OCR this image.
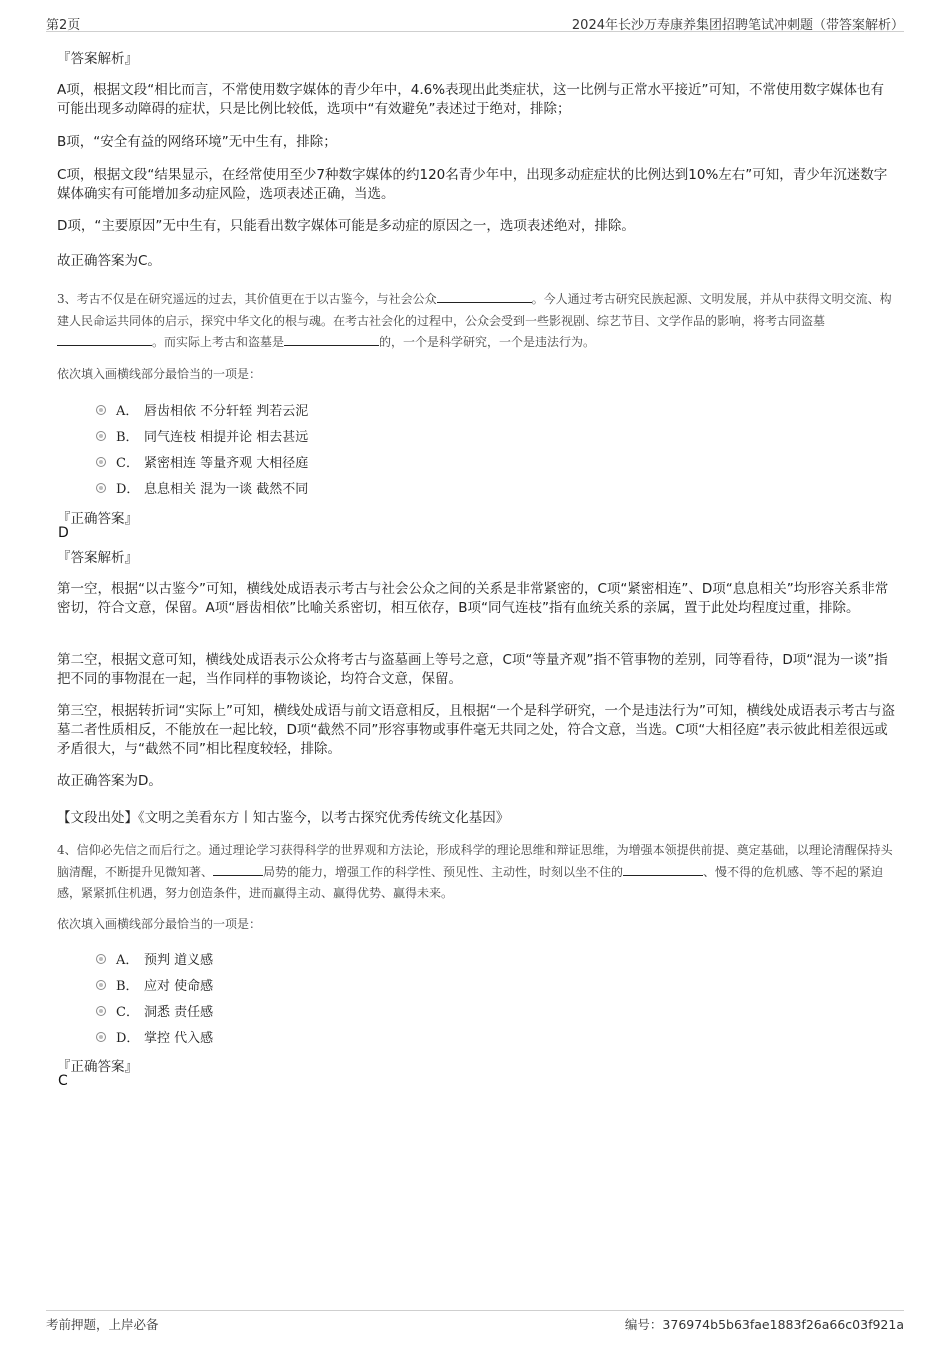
第2页	2024年长沙万寿康养集团招聘笔试冲刺题（带答案解析）
『答案解析』
A项，根据文段“相比而言，不常使用数字媒体的青少年中，4.6%表现出此类症状，这一比例与正常水平接近”可知，不常使用数字媒体也有可能出现多动障碍的症状，只是比例比较低，选项中“有效避免”表述过于绝对，排除；
B项，“安全有益的网络环境”无中生有，排除；
C项，根据文段“结果显示，在经常使用至少7种数字媒体的约120名青少年中，出现多动症症状的比例达到10%左右”可知，青少年沉迷数字媒体确实有可能增加多动症风险，选项表述正确，当选。
D项，“主要原因”无中生有，只能看出数字媒体可能是多动症的原因之一，选项表述绝对，排除。
故正确答案为C。
3、考古不仅是在研究遥远的过去，其价值更在于以古鉴今，与社会公众	。今人通过考古研究民族起源、文明发展，并从中获得文明交流、构建人民命运共同体的启示，探究中华文化的根与魂。在考古社会化的过程中，公众会受到一些影视剧、综艺节目、文学作品的影响，将考古同盗墓。而实际上考古和盗墓是	的，一个是科学研究，一个是违法行为。
依次填入画横线部分最恰当的一项是：
A． 唇齿相依 不分轩轾 判若云泥
B． 同气连枝 相提并论 相去甚远
C． 紧密相连 等量齐观 大相径庭
D． 息息相关 混为一谈 截然不同
『正确答案』
D
『答案解析』
第一空，根据“以古鉴今”可知，横线处成语表示考古与社会公众之间的关系是非常紧密的，C项“紧密相连”、D项“息息相关”均形容关系非常密切，符合文意，保留。A项“唇齿相依”比喻关系密切，相互依存，B项“同气连枝”指有血统关系的亲属，置于此处均程度过重，排除。
第二空，根据文意可知，横线处成语表示公众将考古与盗墓画上等号之意，C项“等量齐观”指不管事物的差别，同等看待，D项“混为一谈”指把不同的事物混在一起，当作同样的事物谈论，均符合文意，保留。
第三空，根据转折词“实际上”可知，横线处成语与前文语意相反，且根据“一个是科学研究，一个是违法行为”可知，横线处成语表示考古与盗墓二者性质相反，不能放在一起比较，D项“截然不同”形容事物或事件毫无共同之处，符合文意，当选。C项“大相径庭”表示彼此相差很远或矛盾很大，与“截然不同”相比程度较轻，排除。
故正确答案为D。
【文段出处】《文明之美看东方丨知古鉴今，以考古探究优秀传统文化基因》
4、信仰必先信之而后行之。通过理论学习获得科学的世界观和方法论，形成科学的理论思维和辩证思维，为增强本领提供前提、奠定基础，以理论清醒保持头脑清醒，不断提升见微知著、	局势的能力，增强工作的科学性、预见性、主动性，时刻以坐不住的	、慢不得的危机感、等不起的紧迫感，紧紧抓住机遇，努力创造条件，进而赢得主动、赢得优势、赢得未来。
依次填入画横线部分最恰当的一项是：
A． 预判 道义感
B． 应对 使命感
C． 洞悉 责任感
D． 掌控 代入感
『正确答案』
C
考前押题，上岸必备	编号：376974b5b63fae1883f26a66c03f921a
